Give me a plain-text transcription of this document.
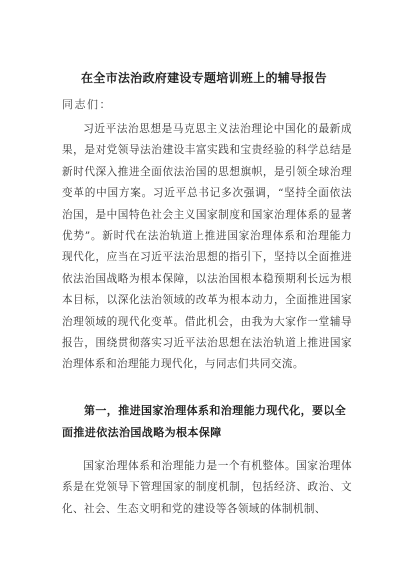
在全市法治政府建设专题培训班上的辅导报告
同志们：

习近平法治思想是马克思主义法治理论中国化的最新成果，是对党领导法治建设丰富实践和宝贵经验的科学总结是新时代深入推进全面依法治国的思想旗帜，是引领全球治理变革的中国方案。习近平总书记多次强调，“坚持全面依法治国，是中国特色社会主义国家制度和国家治理体系的显著优势”。新时代在法治轨道上推进国家治理体系和治理能力现代化，应当在习近平法治思想的指引下，坚持以全面推进依法治国战略为根本保障，以法治国根本稳预期利长远为根本目标，以深化法治领域的改革为根本动力，全面推进国家治理领域的现代化变革。借此机会，由我为大家作一堂辅导报告，围绕贯彻落实习近平法治思想在法治轨道上推进国家治理体系和治理能力现代化，与同志们共同交流。

第一，推进国家治理体系和治理能力现代化，要以全面推进依法治国战略为根本保障

国家治理体系和治理能力是一个有机整体。国家治理体系是在党领导下管理国家的制度机制，包括经济、政治、文化、社会、生态文明和党的建设等各领域的体制机制、
